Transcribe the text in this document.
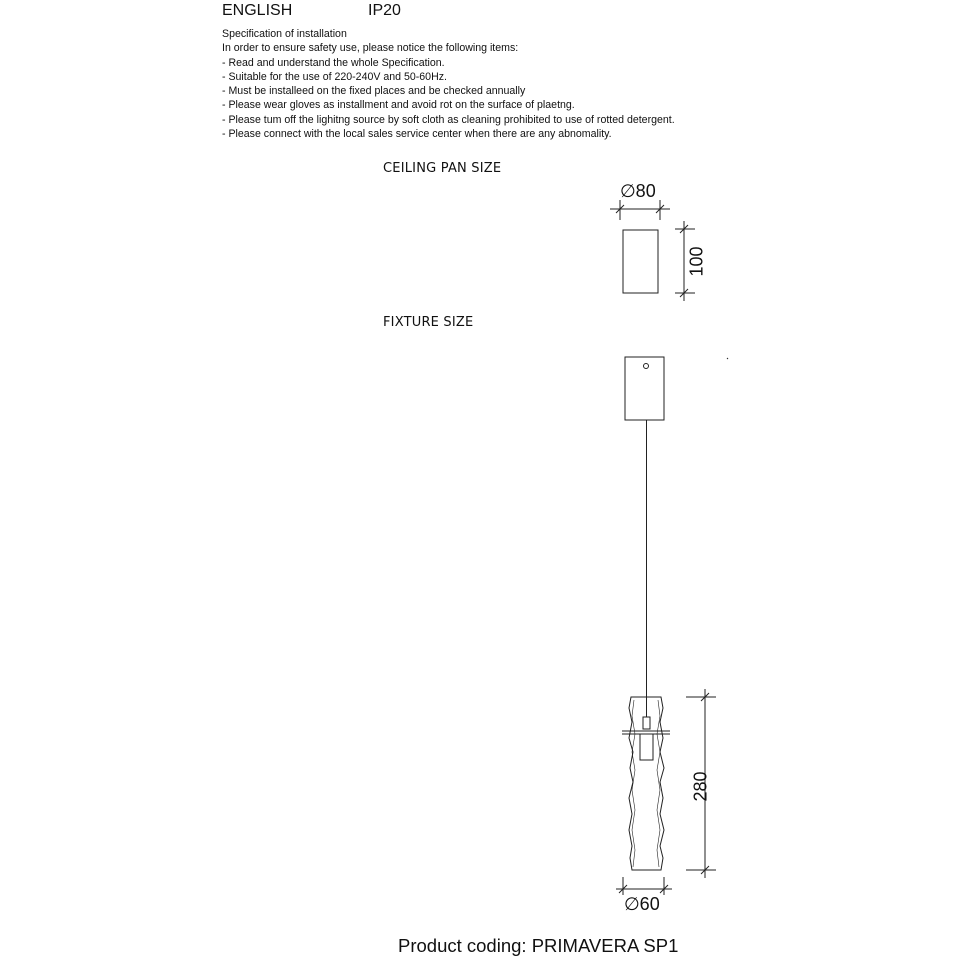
ENGLISH	IP20
Specification of installation
In order to ensure safety use, please notice the following items:
- Read and understand the whole Specification.
- Suitable for the use of 220-240V and 50-60Hz.
- Must be installeed on the fixed places and be checked annually
- Please wear gloves as installment and avoid rot on the surface of plaetng.
- Please tum off the lighitng source by soft cloth as cleaning prohibited to use of rotted detergent.
- Please connect with the local sales service center when there are any abnomality.
CEILING PAN SIZE
FIXTURE SIZE
∅80
100
280
∅60
Product coding: PRIMAVERA SP1
